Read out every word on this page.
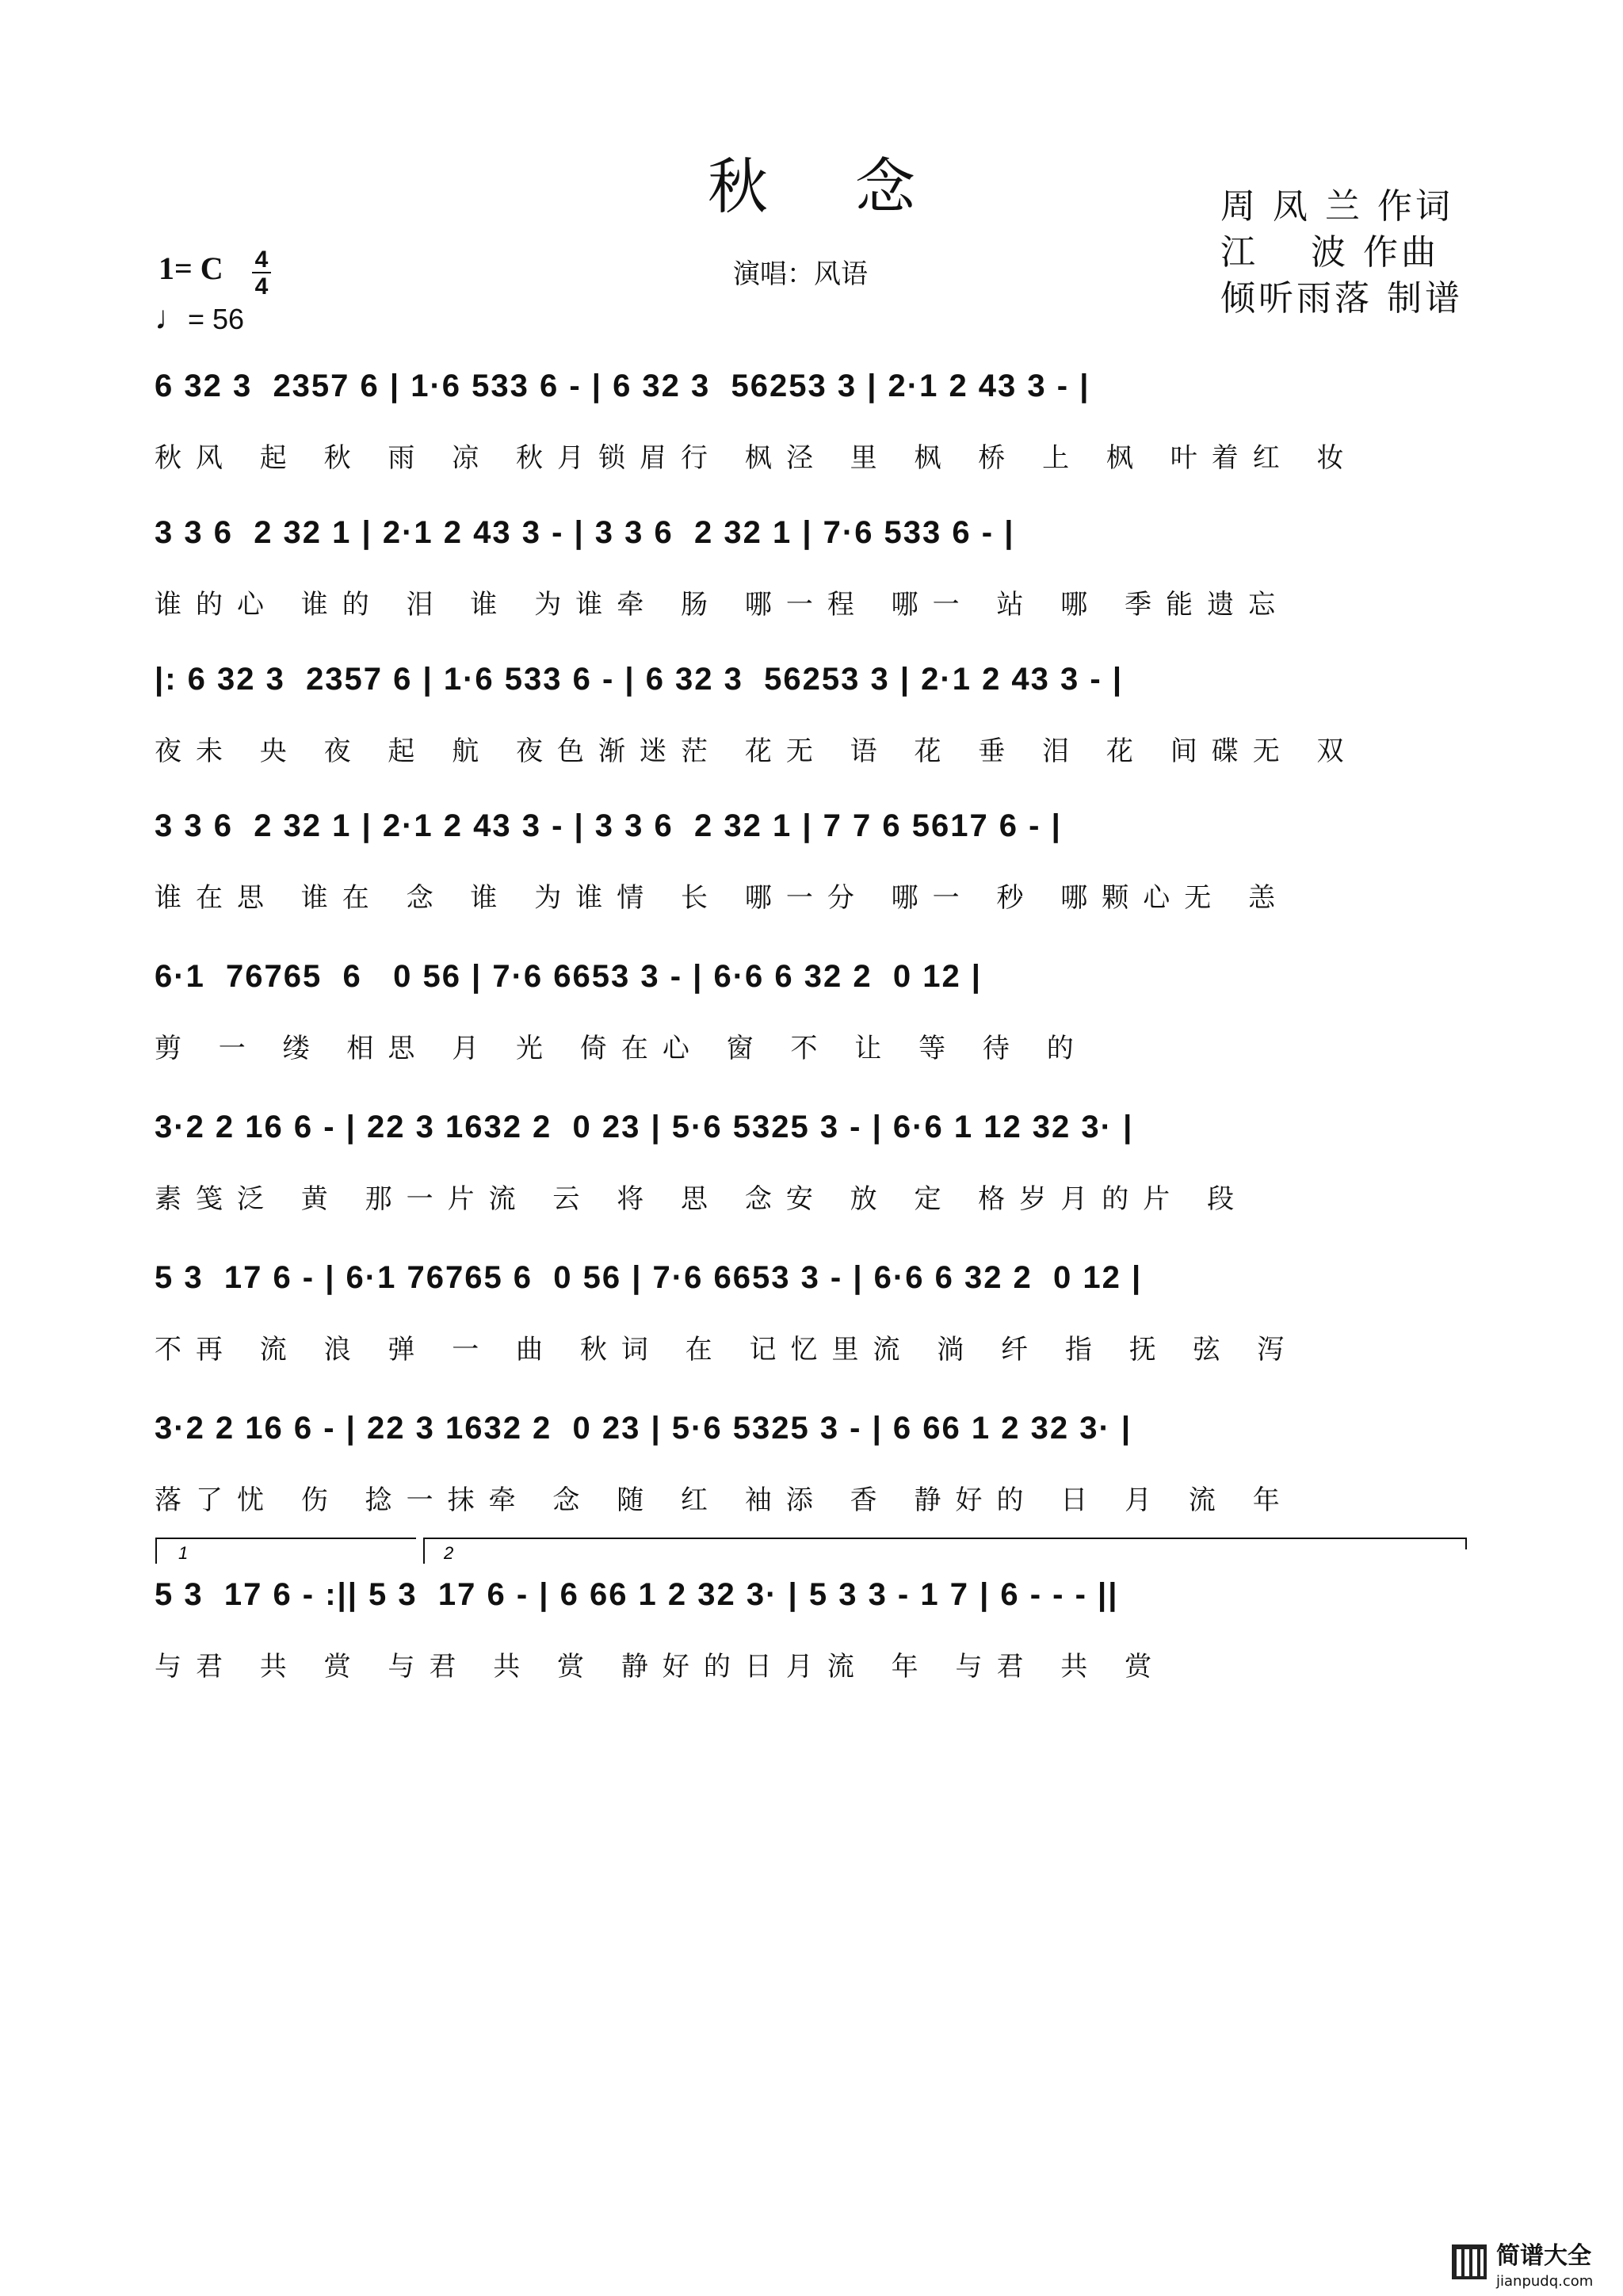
秋念	周 凤 兰 作词
江　 波 作曲
倾听雨落 制谱
1= C 4
4
♩= 56
演唱：风语
6 32 3  2357 6 | 1·6 533 6 - | 6 32 3  56253 3 | 2·1 2 43 3 - |
秋风 起 秋 雨 凉 秋月锁眉行 枫泾 里 枫 桥 上 枫 叶着红 妆
3 3 6  2 32 1 | 2·1 2 43 3 - | 3 3 6  2 32 1 | 7·6 533 6 - |
谁的心 谁的 泪 谁 为谁牵 肠 哪一程 哪一 站 哪 季能遗忘
|: 6 32 3  2357 6 | 1·6 533 6 - | 6 32 3  56253 3 | 2·1 2 43 3 - |
夜未 央 夜 起 航 夜色渐迷茫 花无 语 花 垂 泪 花 间碟无 双
3 3 6  2 32 1 | 2·1 2 43 3 - | 3 3 6  2 32 1 | 7 7 6 5617 6 - |
谁在思 谁在 念 谁 为谁情 长 哪一分 哪一 秒 哪颗心无 恙
6·1  76765  6   0 56 | 7·6 6653 3 - | 6·6 6 32 2  0 12 |
剪 一 缕 相思 月 光 倚在心 窗 不 让 等 待 的
3·2 2 16 6 - | 22 3 1632 2  0 23 | 5·6 5325 3 - | 6·6 1 12 32 3· |
素笺泛 黄 那一片流 云 将 思 念安 放 定 格岁月的片 段
5 3  17 6 - | 6·1 76765 6  0 56 | 7·6 6653 3 - | 6·6 6 32 2  0 12 |
不再 流 浪 弹 一 曲 秋词 在 记忆里流 淌 纤 指 抚 弦 泻
3·2 2 16 6 - | 22 3 1632 2  0 23 | 5·6 5325 3 - | 6 66 1 2 32 3· |
落了忧 伤 捻一抹牵 念 随 红 袖添 香 静好的 日 月 流 年
1	2
5 3  17 6 - :|| 5 3  17 6 - | 6 66 1 2 32 3· | 5 3 3 - 1 7 | 6 - - - ||
与君 共 赏 与君 共 赏 静好的日月流 年 与君 共 赏
简谱大全
jianpudq.com
